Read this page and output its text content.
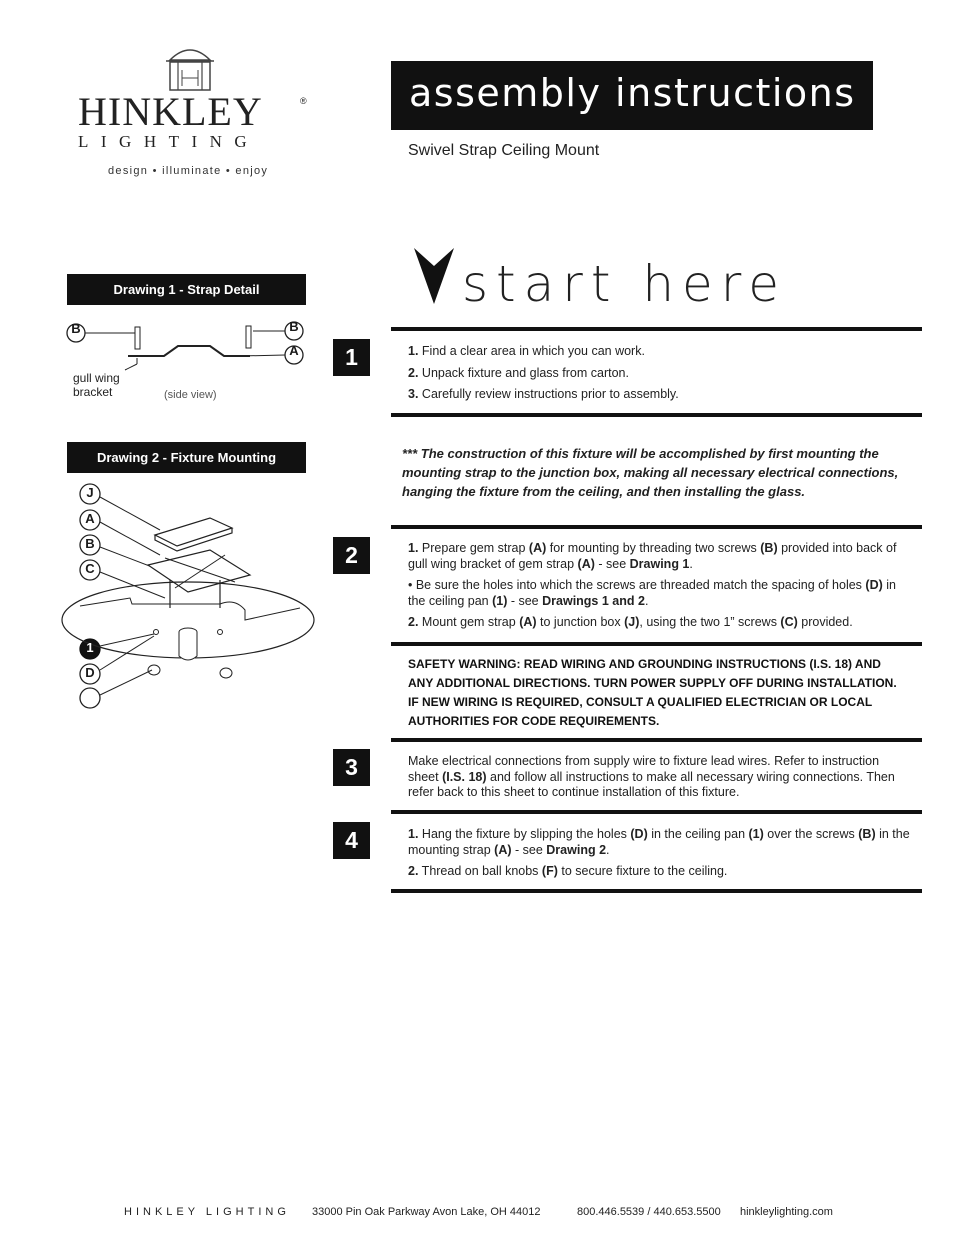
HINKLEY	®
LIGHTING
design • illuminate • enjoy
assembly instructions
Swivel Strap Ceiling Mount
start here
Drawing 1 - Strap Detail
B	B
A
gull wing
bracket	(side view)
Drawing 2 - Fixture Mounting
J
A
B
C
1
D
1	1. Find a clear area in which you can work.

2. Unpack fixture and glass from carton.

3. Carefully review instructions prior to assembly.

*** The construction of this fixture will be accomplished by first mounting the mounting strap to the junction box, making all necessary electrical connections, hanging the fixture from the ceiling, and then installing the glass.
2	1. Prepare gem strap (A) for mounting by threading two screws (B) provided into back of gull wing bracket of gem strap (A) - see Drawing 1.

• Be sure the holes into which the screws are threaded match the spacing of holes (D) in the ceiling pan (1) - see Drawings 1 and 2.

2. Mount gem strap (A) to junction box (J), using the two 1” screws (C) provided.

SAFETY WARNING: READ WIRING AND GROUNDING INSTRUCTIONS (I.S. 18) AND ANY ADDITIONAL DIRECTIONS. TURN POWER SUPPLY OFF DURING INSTALLATION. IF NEW WIRING IS REQUIRED, CONSULT A QUALIFIED ELECTRICIAN OR LOCAL AUTHORITIES FOR CODE REQUIREMENTS.
3	Make electrical connections from supply wire to fixture lead wires. Refer to instruction sheet (I.S. 18) and follow all instructions to make all necessary wiring connections. Then refer back to this sheet to continue installation of this fixture.

4	1. Hang the fixture by slipping the holes (D) in the ceiling pan (1) over the screws (B) in the mounting strap (A) - see Drawing 2.

2. Thread on ball knobs (F) to secure fixture to the ceiling.

HINKLEY LIGHTING 33000 Pin Oak Parkway Avon Lake, OH 44012	800.446.5539 / 440.653.5500 hinkleylighting.com
